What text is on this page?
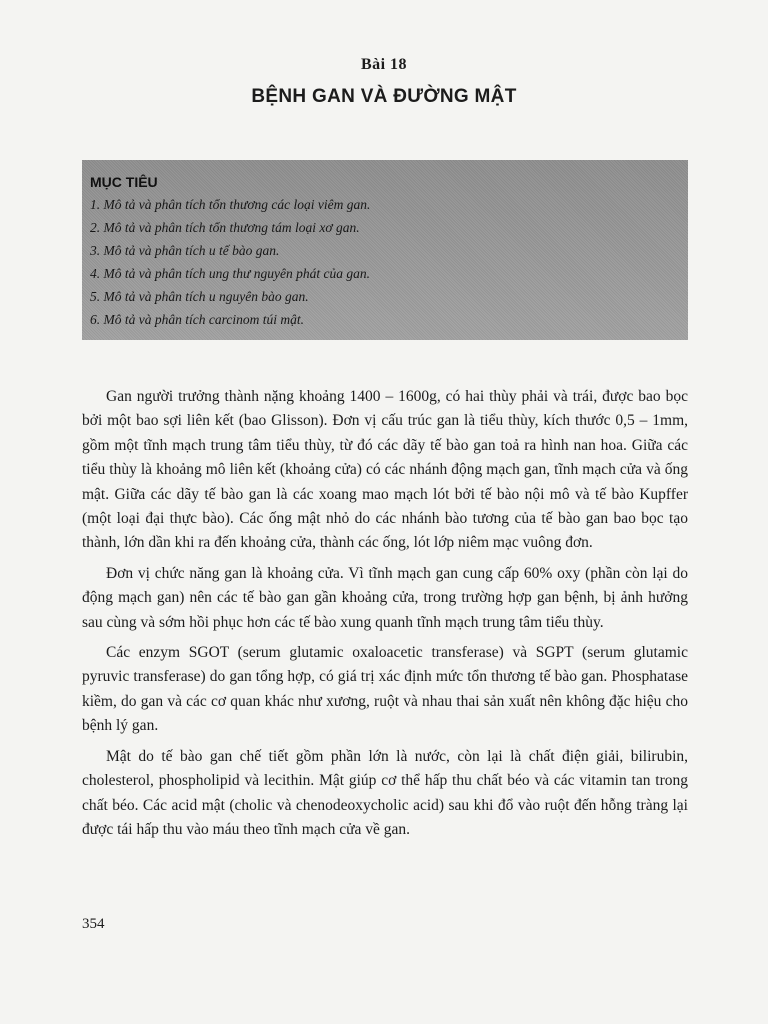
Bài 18
BỆNH GAN VÀ ĐƯỜNG MẬT
MỤC TIÊU
1. Mô tả và phân tích tổn thương các loại viêm gan.
2. Mô tả và phân tích tổn thương tám loại xơ gan.
3. Mô tả và phân tích u tế bào gan.
4. Mô tả và phân tích ung thư nguyên phát của gan.
5. Mô tả và phân tích u nguyên bào gan.
6. Mô tả và phân tích carcinom túi mật.

Gan người trưởng thành nặng khoảng 1400 – 1600g, có hai thùy phải và trái, được bao bọc bởi một bao sợi liên kết (bao Glisson). Đơn vị cấu trúc gan là tiểu thùy, kích thước 0,5 – 1mm, gồm một tĩnh mạch trung tâm tiểu thùy, từ đó các dãy tế bào gan toả ra hình nan hoa. Giữa các tiểu thùy là khoảng mô liên kết (khoảng cửa) có các nhánh động mạch gan, tĩnh mạch cửa và ống mật. Giữa các dãy tế bào gan là các xoang mao mạch lót bởi tế bào nội mô và tế bào Kupffer (một loại đại thực bào). Các ống mật nhỏ do các nhánh bào tương của tế bào gan bao bọc tạo thành, lớn dần khi ra đến khoảng cửa, thành các ống, lót lớp niêm mạc vuông đơn.

Đơn vị chức năng gan là khoảng cửa. Vì tĩnh mạch gan cung cấp 60% oxy (phần còn lại do động mạch gan) nên các tế bào gan gần khoảng cửa, trong trường hợp gan bệnh, bị ảnh hưởng sau cùng và sớm hồi phục hơn các tế bào xung quanh tĩnh mạch trung tâm tiểu thùy.

Các enzym SGOT (serum glutamic oxaloacetic transferase) và SGPT (serum glutamic pyruvic transferase) do gan tổng hợp, có giá trị xác định mức tổn thương tế bào gan. Phosphatase kiềm, do gan và các cơ quan khác như xương, ruột và nhau thai sản xuất nên không đặc hiệu cho bệnh lý gan.

Mật do tế bào gan chế tiết gồm phần lớn là nước, còn lại là chất điện giải, bilirubin, cholesterol, phospholipid và lecithin. Mật giúp cơ thể hấp thu chất béo và các vitamin tan trong chất béo. Các acid mật (cholic và chenodeoxycholic acid) sau khi đổ vào ruột đến hỗng tràng lại được tái hấp thu vào máu theo tĩnh mạch cửa về gan.

354
